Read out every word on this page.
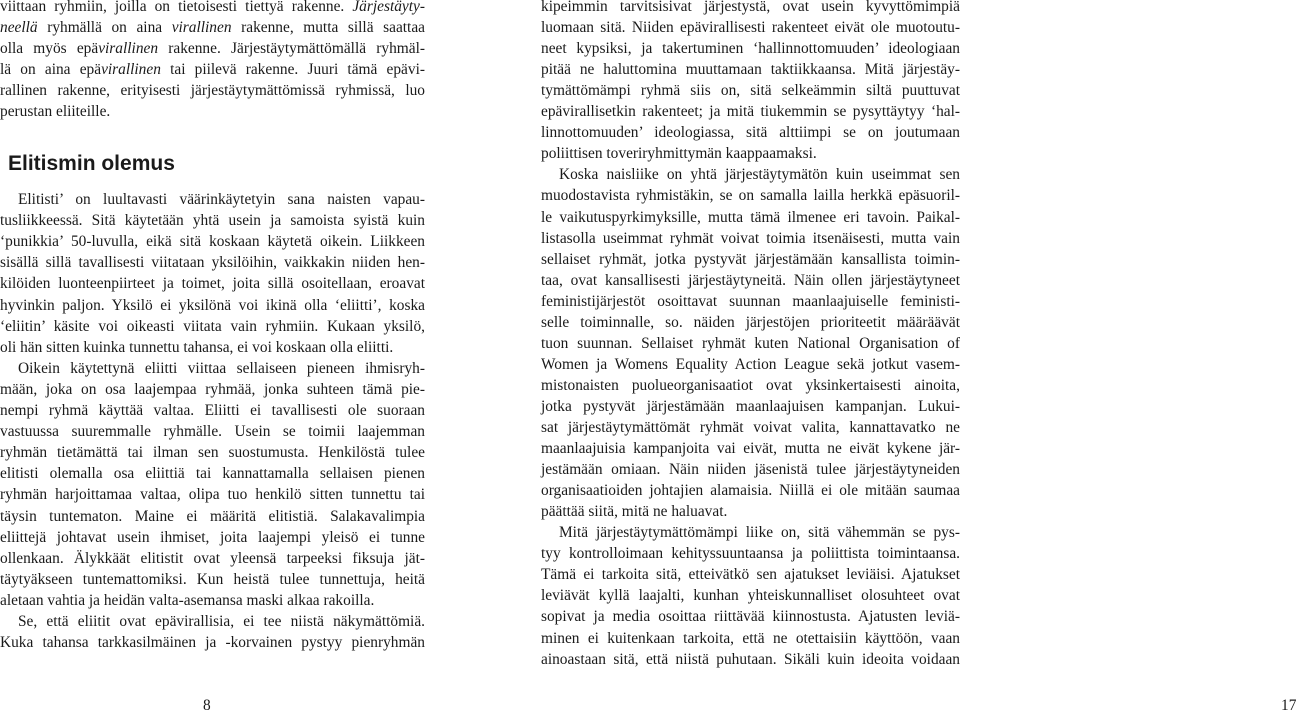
viittaan ryhmiin, joilla on tietoisesti tiettyä rakenne. Järjestäyty-
neellä ryhmällä on aina virallinen rakenne, mutta sillä saattaa
olla myös epävirallinen rakenne. Järjestäytymättömällä ryhmäl-
lä on aina epävirallinen tai piilevä rakenne. Juuri tämä epävi-
rallinen rakenne, erityisesti järjestäytymättömissä ryhmissä, luo
perustan eliiteille.
Elitismin olemus
Elitisti’ on luultavasti väärinkäytetyin sana naisten vapau-
tusliikkeessä. Sitä käytetään yhtä usein ja samoista syistä kuin
‘punikkia’ 50-luvulla, eikä sitä koskaan käytetä oikein. Liikkeen
sisällä sillä tavallisesti viitataan yksilöihin, vaikkakin niiden hen-
kilöiden luonteenpiirteet ja toimet, joita sillä osoitellaan, eroavat
hyvinkin paljon. Yksilö ei yksilönä voi ikinä olla ‘eliitti’, koska
‘eliitin’ käsite voi oikeasti viitata vain ryhmiin. Kukaan yksilö,
oli hän sitten kuinka tunnettu tahansa, ei voi koskaan olla eliitti.
Oikein käytettynä eliitti viittaa sellaiseen pieneen ihmisryh-
mään, joka on osa laajempaa ryhmää, jonka suhteen tämä pie-
nempi ryhmä käyttää valtaa. Eliitti ei tavallisesti ole suoraan
vastuussa suuremmalle ryhmälle. Usein se toimii laajemman
ryhmän tietämättä tai ilman sen suostumusta. Henkilöstä tulee
elitisti olemalla osa eliittiä tai kannattamalla sellaisen pienen
ryhmän harjoittamaa valtaa, olipa tuo henkilö sitten tunnettu tai
täysin tuntematon. Maine ei määritä elitistiä. Salakavalimpia
eliittejä johtavat usein ihmiset, joita laajempi yleisö ei tunne
ollenkaan. Älykkäät elitistit ovat yleensä tarpeeksi fiksuja jät-
täytyäkseen tuntemattomiksi. Kun heistä tulee tunnettuja, heitä
aletaan vahtia ja heidän valta-asemansa maski alkaa rakoilla.
Se, että eliitit ovat epävirallisia, ei tee niistä näkymättömiä.
Kuka tahansa tarkkasilmäinen ja -korvainen pystyy pienryhmän
8
kipeimmin tarvitsisivat järjestystä, ovat usein kyvyttömimpiä
luomaan sitä. Niiden epävirallisesti rakenteet eivät ole muotoutu-
neet kypsiksi, ja takertuminen ‘hallinnottomuuden’ ideologiaan
pitää ne haluttomina muuttamaan taktiikkaansa. Mitä järjestäy-
tymättömämpi ryhmä siis on, sitä selkeämmin siltä puuttuvat
epävirallisetkin rakenteet; ja mitä tiukemmin se pysyttäytyy ‘hal-
linnottomuuden’ ideologiassa, sitä alttiimpi se on joutumaan
poliittisen toveriryhmittymän kaappaamaksi.
Koska naisliike on yhtä järjestäytymätön kuin useimmat sen
muodostavista ryhmistäkin, se on samalla lailla herkkä epäsuoril-
le vaikutuspyrkimyksille, mutta tämä ilmenee eri tavoin. Paikal-
listasolla useimmat ryhmät voivat toimia itsenäisesti, mutta vain
sellaiset ryhmät, jotka pystyvät järjestämään kansallista toimin-
taa, ovat kansallisesti järjestäytyneitä. Näin ollen järjestäytyneet
feministijärjestöt osoittavat suunnan maanlaajuiselle feministi-
selle toiminnalle, so. näiden järjestöjen prioriteetit määräävät
tuon suunnan. Sellaiset ryhmät kuten National Organisation of
Women ja Womens Equality Action League sekä jotkut vasem-
mistonaisten puolueorganisaatiot ovat yksinkertaisesti ainoita,
jotka pystyvät järjestämään maanlaajuisen kampanjan. Lukui-
sat järjestäytymättömät ryhmät voivat valita, kannattavatko ne
maanlaajuisia kampanjoita vai eivät, mutta ne eivät kykene jär-
jestämään omiaan. Näin niiden jäsenistä tulee järjestäytyneiden
organisaatioiden johtajien alamaisia. Niillä ei ole mitään saumaa
päättää siitä, mitä ne haluavat.
Mitä järjestäytymättömämpi liike on, sitä vähemmän se pys-
tyy kontrolloimaan kehityssuuntaansa ja poliittista toimintaansa.
Tämä ei tarkoita sitä, etteivätkö sen ajatukset leviäisi. Ajatukset
leviävät kyllä laajalti, kunhan yhteiskunnalliset olosuhteet ovat
sopivat ja media osoittaa riittävää kiinnostusta. Ajatusten leviä-
minen ei kuitenkaan tarkoita, että ne otettaisiin käyttöön, vaan
ainoastaan sitä, että niistä puhutaan. Sikäli kuin ideoita voidaan
17
